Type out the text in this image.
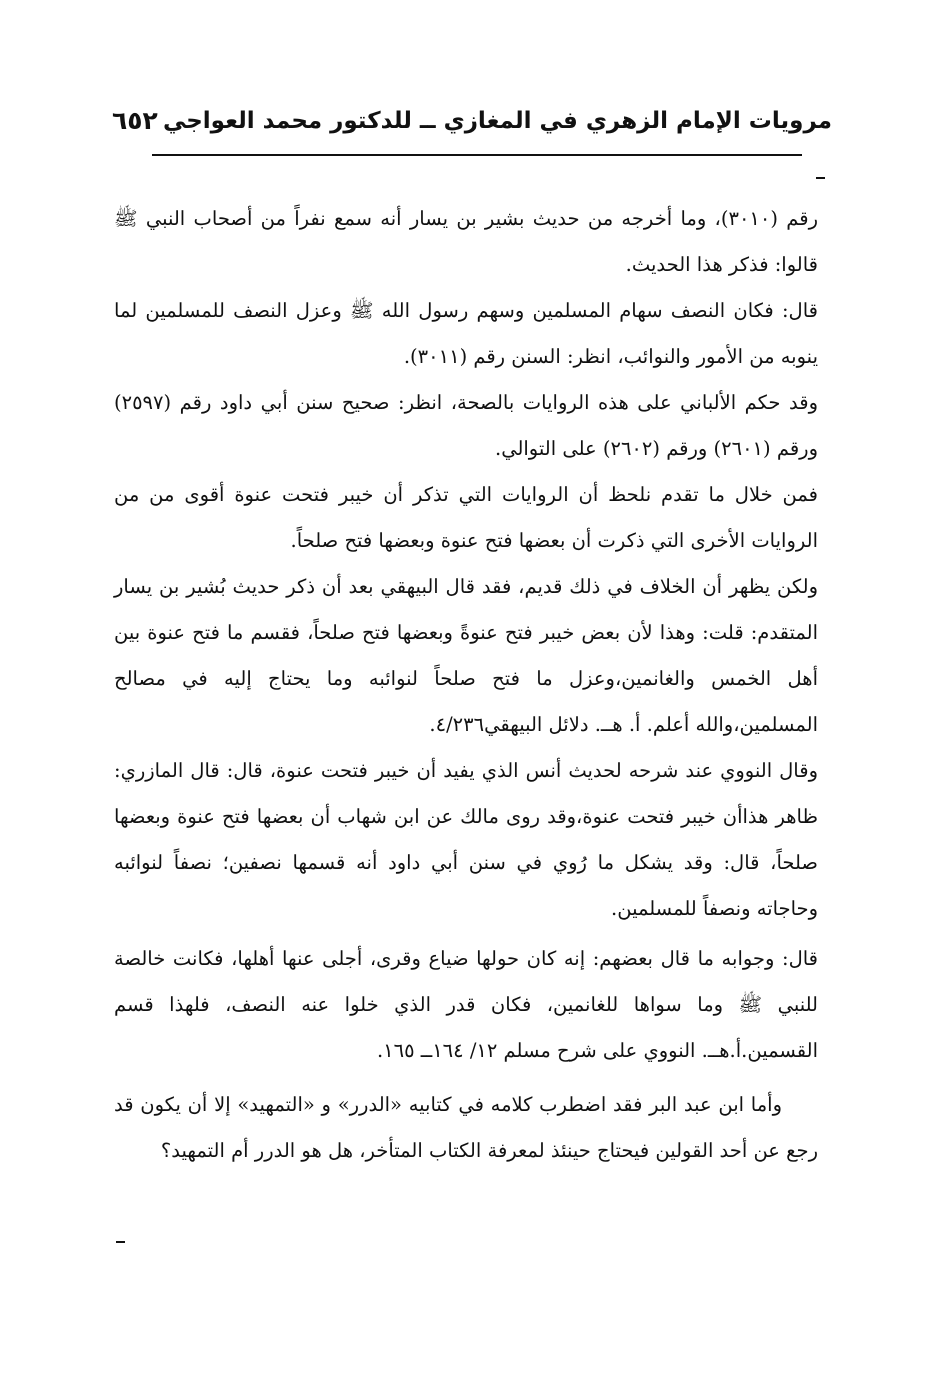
مرويات الإمام الزهري في المغازي ــ للدكتور محمد العواجي
٦٥٢

رقم (٣٠١٠)، وما أخرجه من حديث بشير بن يسار أنه سمع نفراً من أصحاب النبي ﷺ قالوا: فذكر هذا الحديث.

قال: فكان النصف سهام المسلمين وسهم رسول الله ﷺ وعزل النصف للمسلمين لما ينوبه من الأمور والنوائب، انظر: السنن رقم (٣٠١١).

وقد حكم الألباني على هذه الروايات بالصحة، انظر: صحيح سنن أبي داود رقم (٢٥٩٧) ورقم (٢٦٠١) ورقم (٢٦٠٢) على التوالي.

فمن خلال ما تقدم نلحظ أن الروايات التي تذكر أن خيبر فتحت عنوة أقوى من من الروايات الأخرى التي ذكرت أن بعضها فتح عنوة وبعضها فتح صلحاً.

ولكن يظهر أن الخلاف في ذلك قديم، فقد قال البيهقي بعد أن ذكر حديث بُشير بن يسار المتقدم: قلت: وهذا لأن بعض خيبر فتح عنوةً وبعضها فتح صلحاً، فقسم ما فتح عنوة بين أهل الخمس والغانمين،وعزل ما فتح صلحاً لنوائبه وما يحتاج إليه في مصالح المسلمين،والله أعلم. أ. هــ. دلائل البيهقي٤/٢٣٦.

وقال النووي عند شرحه لحديث أنس الذي يفيد أن خيبر فتحت عنوة، قال: قال المازري: ظاهر هذاأن خيبر فتحت عنوة،وقد روى مالك عن ابن شهاب أن بعضها فتح عنوة وبعضها صلحاً، قال: وقد يشكل ما رُوي في سنن أبي داود أنه قسمها نصفين؛ نصفاً لنوائبه وحاجاته ونصفاً للمسلمين.

قال: وجوابه ما قال بعضهم: إنه كان حولها ضياع وقرى، أجلى عنها أهلها، فكانت خالصة للنبي ﷺ وما سواها للغانمين، فكان قدر الذي خلوا عنه النصف، فلهذا قسم القسمين.أ.هــ. النووي على شرح مسلم ١٢/ ١٦٤ــ ١٦٥.

وأما ابن عبد البر فقد اضطرب كلامه في كتابيه «الدرر» و «التمهيد» إلا أن يكون قد رجع عن أحد القولين فيحتاج حينئذ لمعرفة الكتاب المتأخر، هل هو الدرر أم التمهيد؟
